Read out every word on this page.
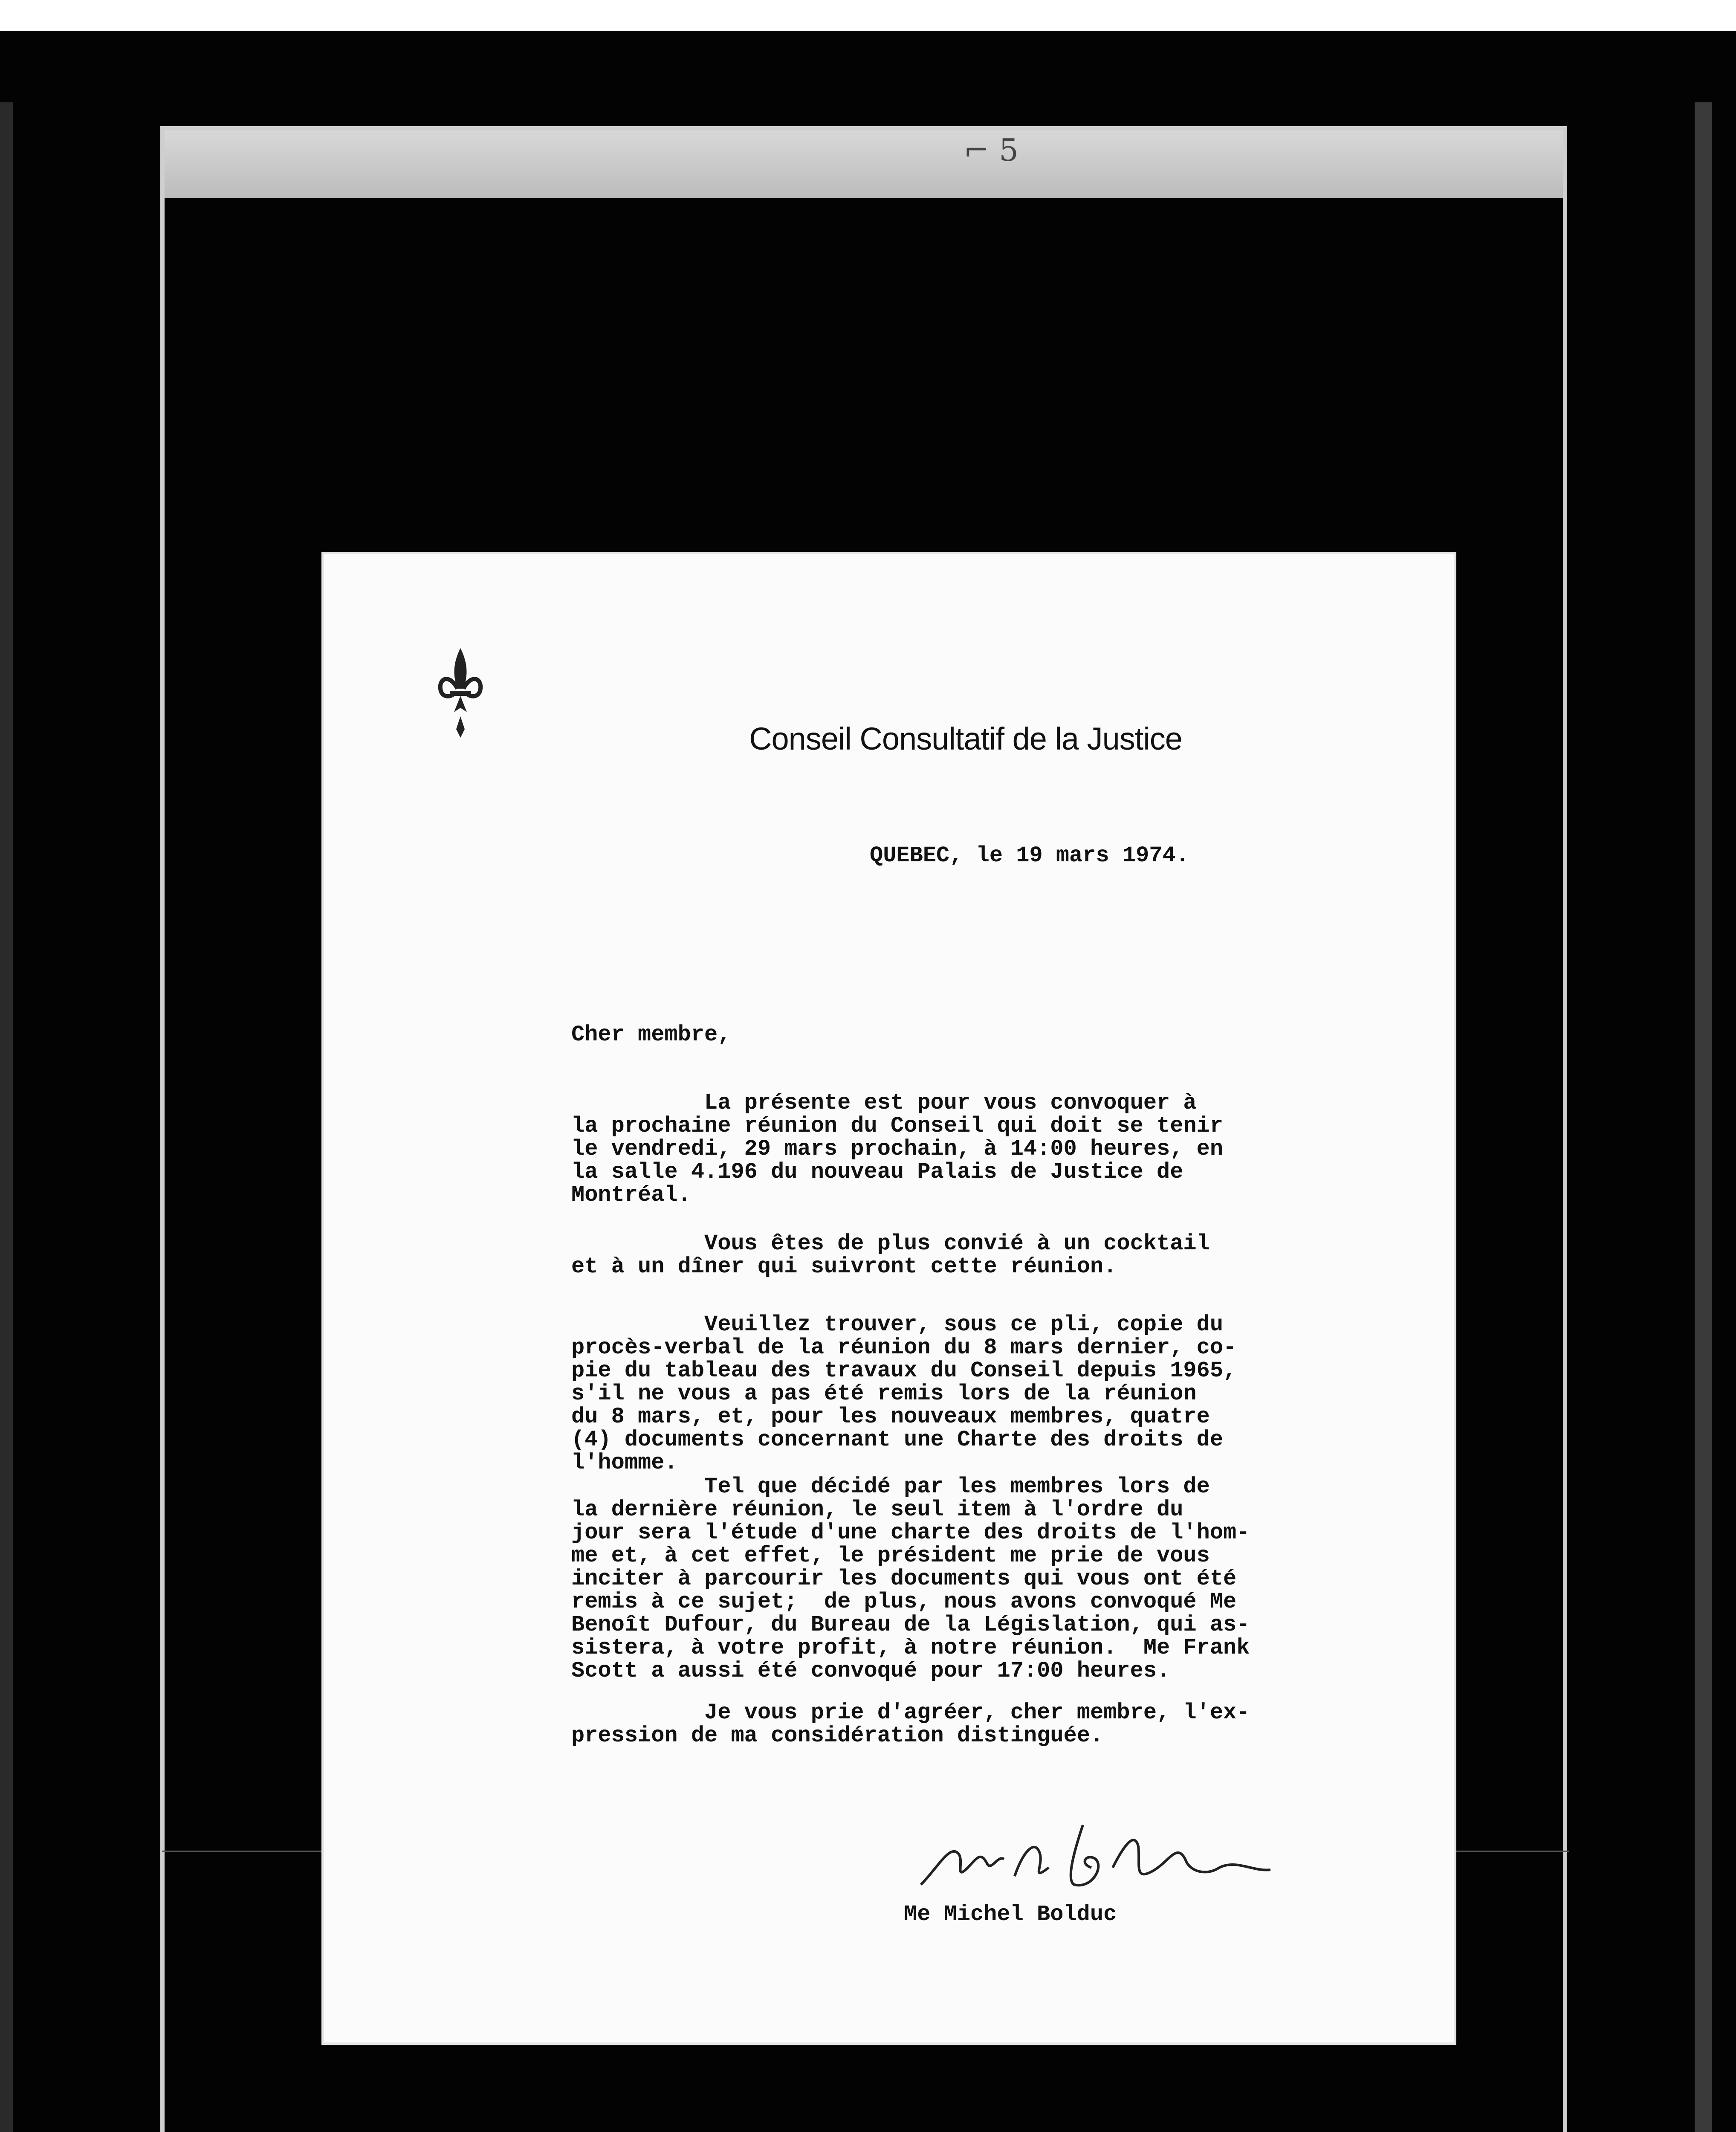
⌐ 5
Conseil Consultatif de la Justice
QUEBEC, le 19 mars 1974.
Cher membre,
La présente est pour vous convoquer à
la prochaine réunion du Conseil qui doit se tenir
le vendredi, 29 mars prochain, à 14:00 heures, en
la salle 4.196 du nouveau Palais de Justice de
Montréal.
Vous êtes de plus convié à un cocktail
et à un dîner qui suivront cette réunion.
Veuillez trouver, sous ce pli, copie du
procès-verbal de la réunion du 8 mars dernier, co-
pie du tableau des travaux du Conseil depuis 1965,
s'il ne vous a pas été remis lors de la réunion
du 8 mars, et, pour les nouveaux membres, quatre
(4) documents concernant une Charte des droits de
l'homme.
Tel que décidé par les membres lors de
la dernière réunion, le seul item à l'ordre du
jour sera l'étude d'une charte des droits de l'hom-
me et, à cet effet, le président me prie de vous
inciter à parcourir les documents qui vous ont été
remis à ce sujet;  de plus, nous avons convoqué Me
Benoît Dufour, du Bureau de la Législation, qui as-
sistera, à votre profit, à notre réunion.  Me Frank
Scott a aussi été convoqué pour 17:00 heures.
Je vous prie d'agréer, cher membre, l'ex-
pression de ma considération distinguée.
Me Michel Bolduc
